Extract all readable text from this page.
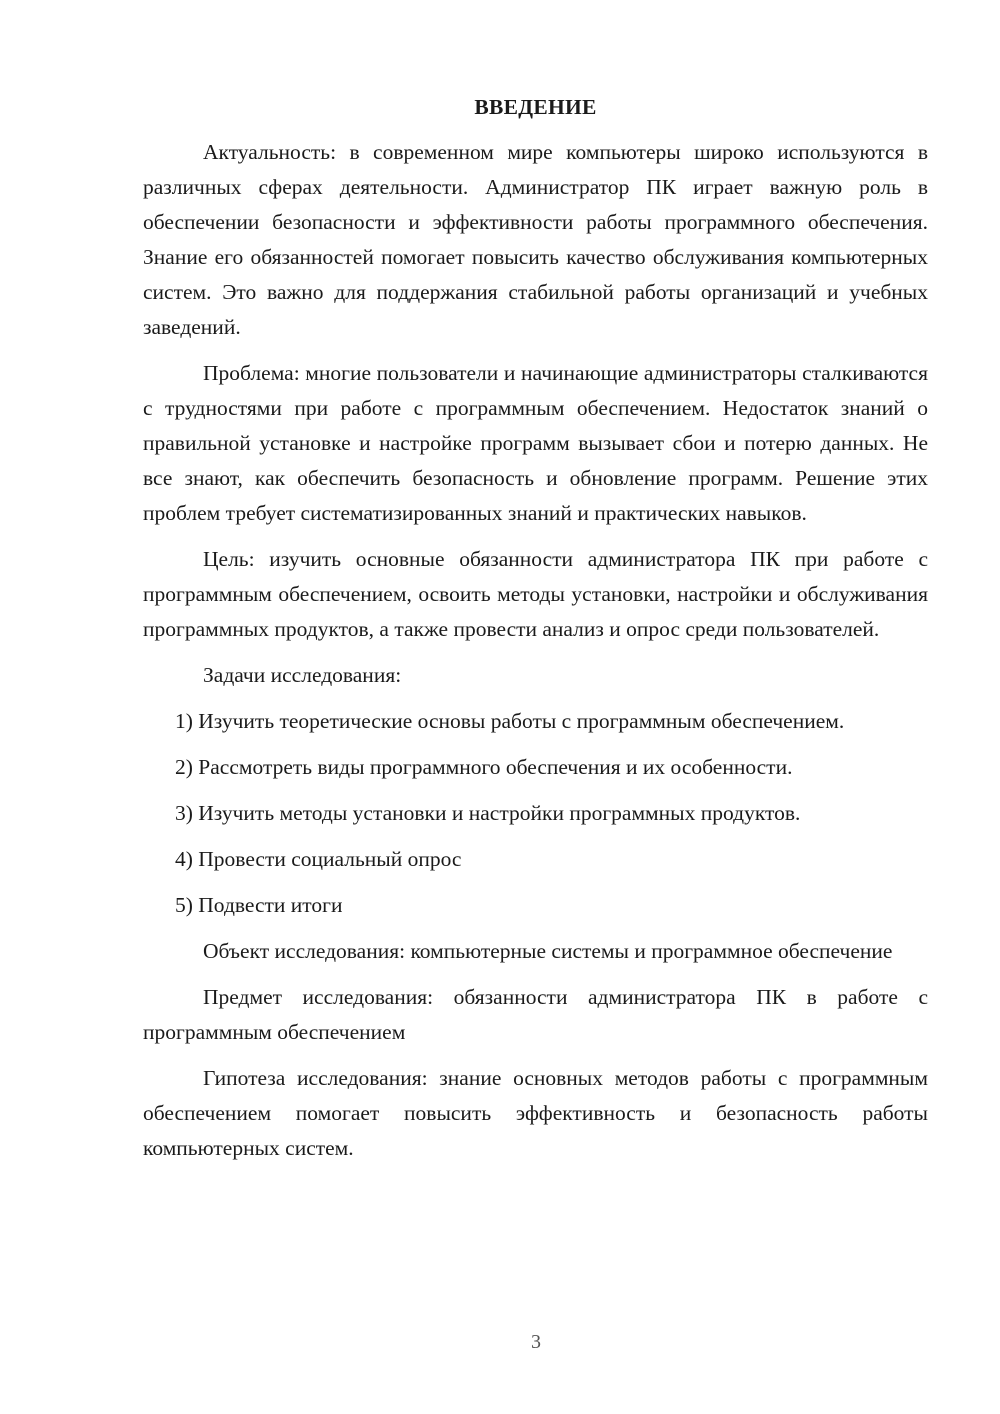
ВВЕДЕНИЕ
Актуальность: в современном мире компьютеры широко используются в различных сферах деятельности. Администратор ПК играет важную роль в обеспечении безопасности и эффективности работы программного обеспечения. Знание его обязанностей помогает повысить качество обслуживания компьютерных систем. Это важно для поддержания стабильной работы организаций и учебных заведений.
Проблема: многие пользователи и начинающие администраторы сталкиваются с трудностями при работе с программным обеспечением. Недостаток знаний о правильной установке и настройке программ вызывает сбои и потерю данных. Не все знают, как обеспечить безопасность и обновление программ. Решение этих проблем требует систематизированных знаний и практических навыков.
Цель: изучить основные обязанности администратора ПК при работе с программным обеспечением, освоить методы установки, настройки и обслуживания программных продуктов, а также провести анализ и опрос среди пользователей.
Задачи исследования:
1) Изучить теоретические основы работы с программным обеспечением.
2) Рассмотреть виды программного обеспечения и их особенности.
3) Изучить методы установки и настройки программных продуктов.
4) Провести социальный опрос
5) Подвести итоги
Объект исследования: компьютерные системы и программное обеспечение
Предмет исследования: обязанности администратора ПК в работе с программным обеспечением
Гипотеза исследования: знание основных методов работы с программным обеспечением помогает повысить эффективность и безопасность работы компьютерных систем.
3
